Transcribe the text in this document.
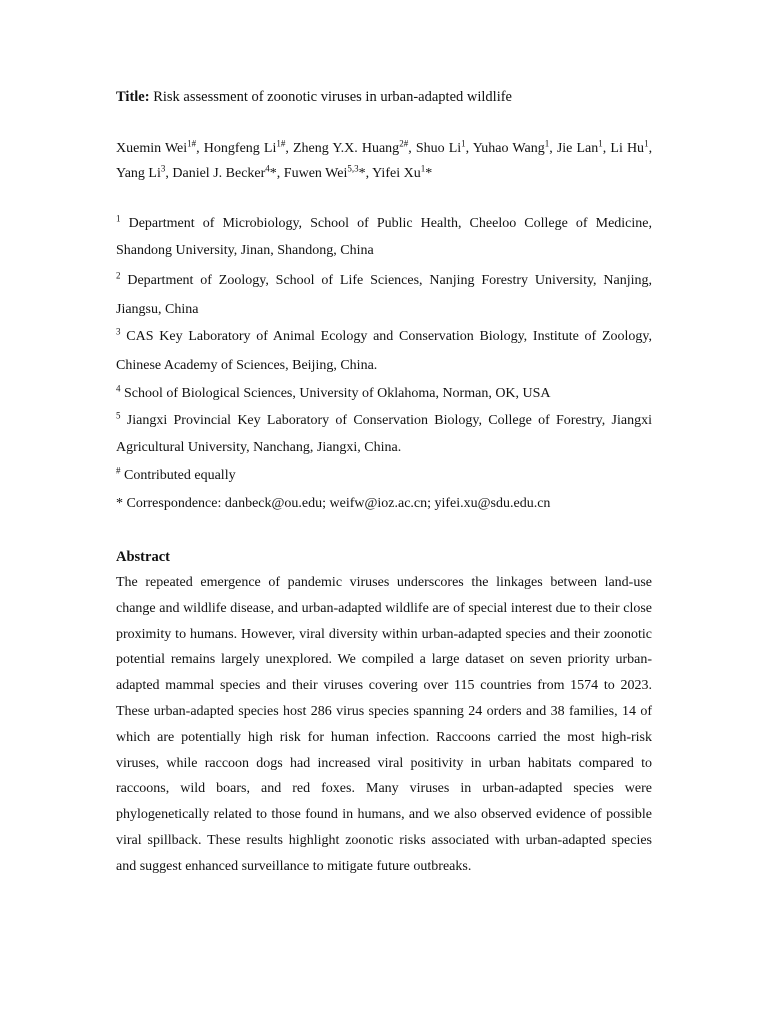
Title: Risk assessment of zoonotic viruses in urban-adapted wildlife
Xuemin Wei$^{1\#}$, Hongfeng $Li^{1\#}$, Zheng Y.X. Huang$^{2\#}$, Shuo Li$^1$, Yuhao Wang$^1$, Jie Lan$^1$, Li Hu$^1$, Yang Li$^3$, Daniel J. Becker$^4$*, Fuwen Wei$^{5,3}$*, Yifei Xu$^1$*
$^1$ Department of Microbiology, School of Public Health, Cheeloo College of Medicine, Shandong University, Jinan, Shandong, China
$^2$ Department of Zoology, School of Life Sciences, Nanjing Forestry University, Nanjing, Jiangsu, China
$^3$ CAS Key Laboratory of Animal Ecology and Conservation Biology, Institute of Zoology, Chinese Academy of Sciences, Beijing, China.
$^4$ School of Biological Sciences, University of Oklahoma, Norman, OK, USA
$^5$ Jiangxi Provincial Key Laboratory of Conservation Biology, College of Forestry, Jiangxi Agricultural University, Nanchang, Jiangxi, China.
# Contributed equally
* Correspondence: danbeck@ou.edu; weifw@ioz.ac.cn; yifei.xu@sdu.edu.cn
Abstract
The repeated emergence of pandemic viruses underscores the linkages between land-use change and wildlife disease, and urban-adapted wildlife are of special interest due to their close proximity to humans. However, viral diversity within urban-adapted species and their zoonotic potential remains largely unexplored. We compiled a large dataset on seven priority urban-adapted mammal species and their viruses covering over 115 countries from 1574 to 2023. These urban-adapted species host 286 virus species spanning 24 orders and 38 families, 14 of which are potentially high risk for human infection. Raccoons carried the most high-risk viruses, while raccoon dogs had increased viral positivity in urban habitats compared to raccoons, wild boars, and red foxes. Many viruses in urban-adapted species were phylogenetically related to those found in humans, and we also observed evidence of possible viral spillback. These results highlight zoonotic risks associated with urban-adapted species and suggest enhanced surveillance to mitigate future outbreaks.
